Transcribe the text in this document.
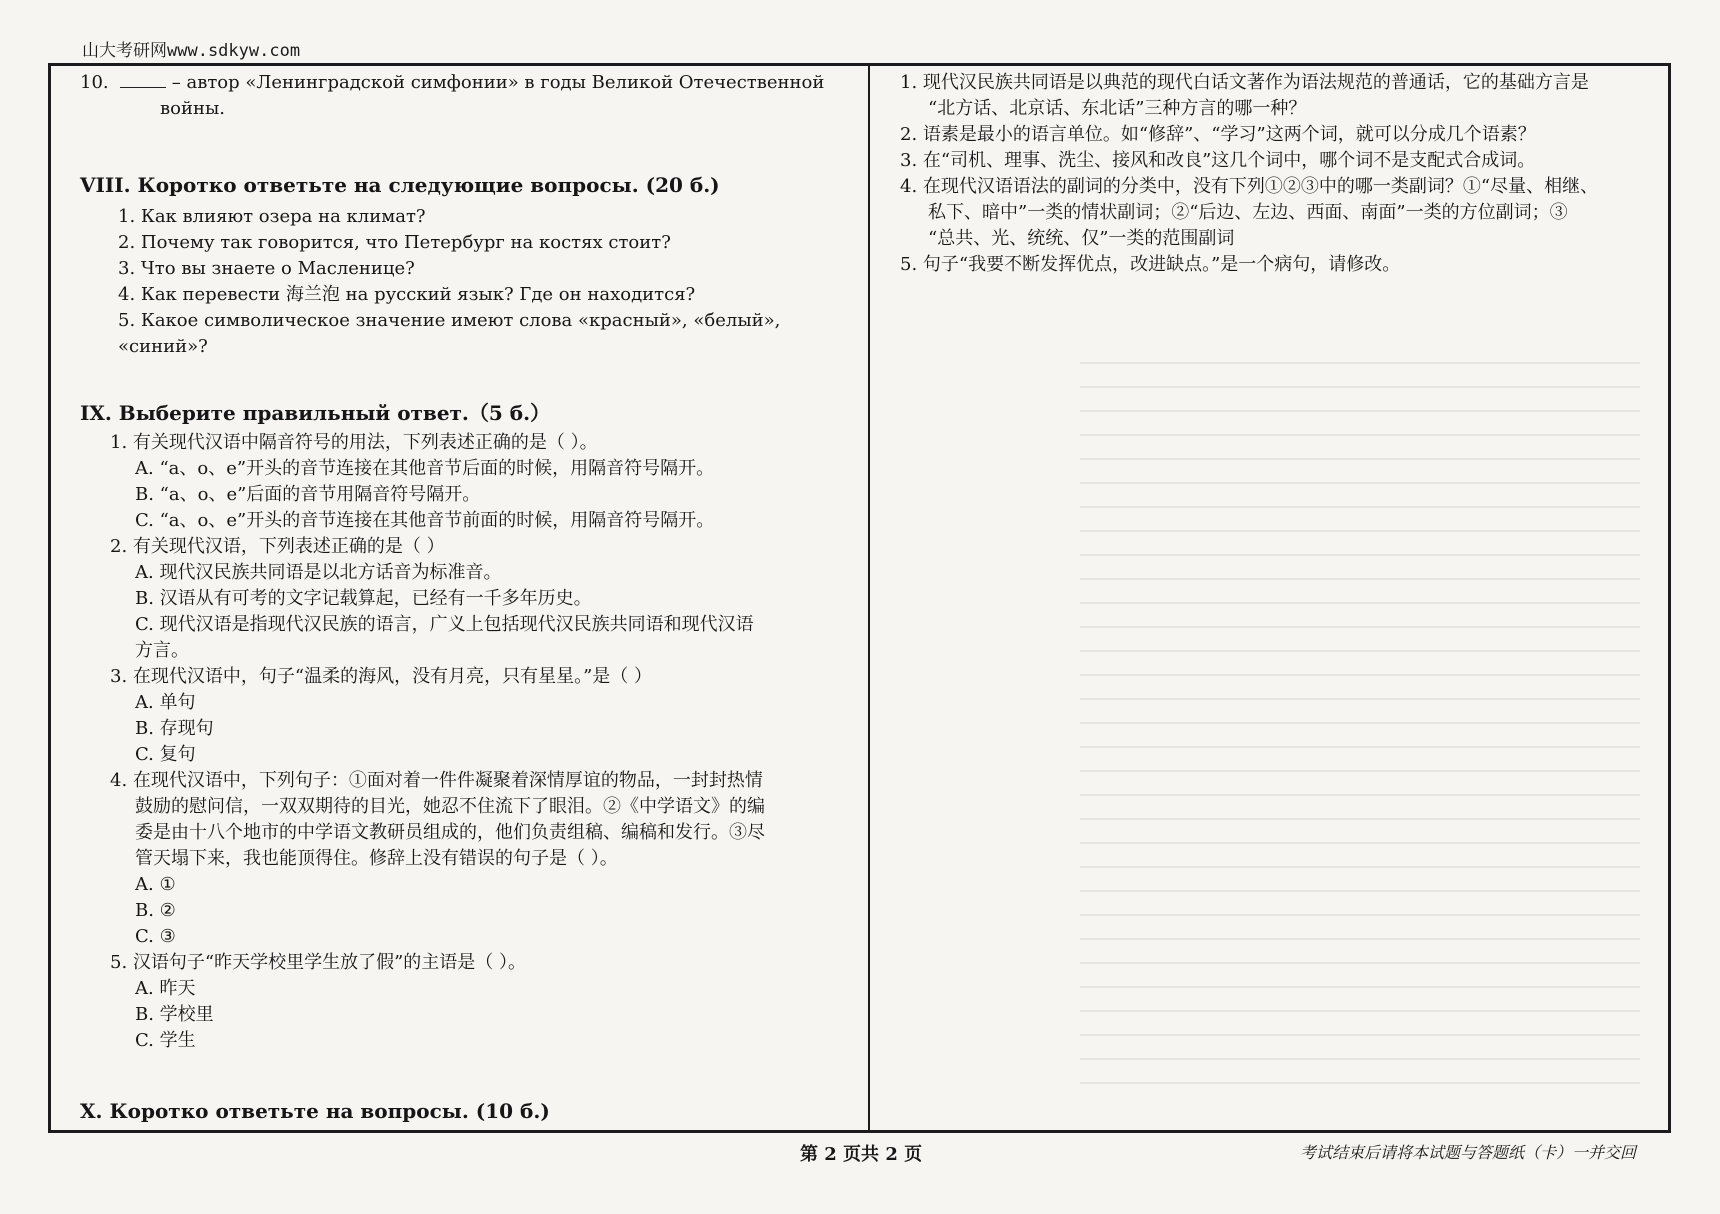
山大考研网www.sdkyw.com
10.	– автор «Ленинградской симфонии» в годы Великой Отечественной
войны.
VIII. Коротко ответьте на следующие вопросы. (20 б.)
1. Как влияют озера на климат?
2. Почему так говорится, что Петербург на костях стоит?
3. Что вы знаете о Масленице?
4. Как перевести 海兰泡 на русский язык? Где он находится?
5. Какое символическое значение имеют слова «красный», «белый», «синий»?
IX. Выберите правильный ответ.（5 б.）
1. 有关现代汉语中隔音符号的用法，下列表述正确的是（ ）。
A. “a、o、e”开头的音节连接在其他音节后面的时候，用隔音符号隔开。
B. “a、o、e”后面的音节用隔音符号隔开。
C. “a、o、e”开头的音节连接在其他音节前面的时候，用隔音符号隔开。
2. 有关现代汉语，下列表述正确的是（ ）
A. 现代汉民族共同语是以北方话音为标准音。
B. 汉语从有可考的文字记载算起，已经有一千多年历史。
C. 现代汉语是指现代汉民族的语言，广义上包括现代汉民族共同语和现代汉语
方言。
3. 在现代汉语中，句子“温柔的海风，没有月亮，只有星星。”是（ ）
A. 单句
B. 存现句
C. 复句
4. 在现代汉语中，下列句子：①面对着一件件凝聚着深情厚谊的物品，一封封热情
鼓励的慰问信，一双双期待的目光，她忍不住流下了眼泪。②《中学语文》的编
委是由十八个地市的中学语文教研员组成的，他们负责组稿、编稿和发行。③尽
管天塌下来，我也能顶得住。修辞上没有错误的句子是（ ）。
A. ①
B. ②
C. ③
5. 汉语句子“昨天学校里学生放了假”的主语是（ ）。
A. 昨天
B. 学校里
C. 学生
X. Коротко ответьте на вопросы. (10 б.)
1. 现代汉民族共同语是以典范的现代白话文著作为语法规范的普通话，它的基础方言是
“北方话、北京话、东北话”三种方言的哪一种？
2. 语素是最小的语言单位。如“修辞”、“学习”这两个词，就可以分成几个语素？
3. 在“司机、理事、洗尘、接风和改良”这几个词中，哪个词不是支配式合成词。
4. 在现代汉语语法的副词的分类中，没有下列①②③中的哪一类副词？①“尽量、相继、
私下、暗中”一类的情状副词；②“后边、左边、西面、南面”一类的方位副词；③
“总共、光、统统、仅”一类的范围副词
5. 句子“我要不断发挥优点，改进缺点。”是一个病句，请修改。
第 2 页共 2 页	考试结束后请将本试题与答题纸（卡）一并交回
